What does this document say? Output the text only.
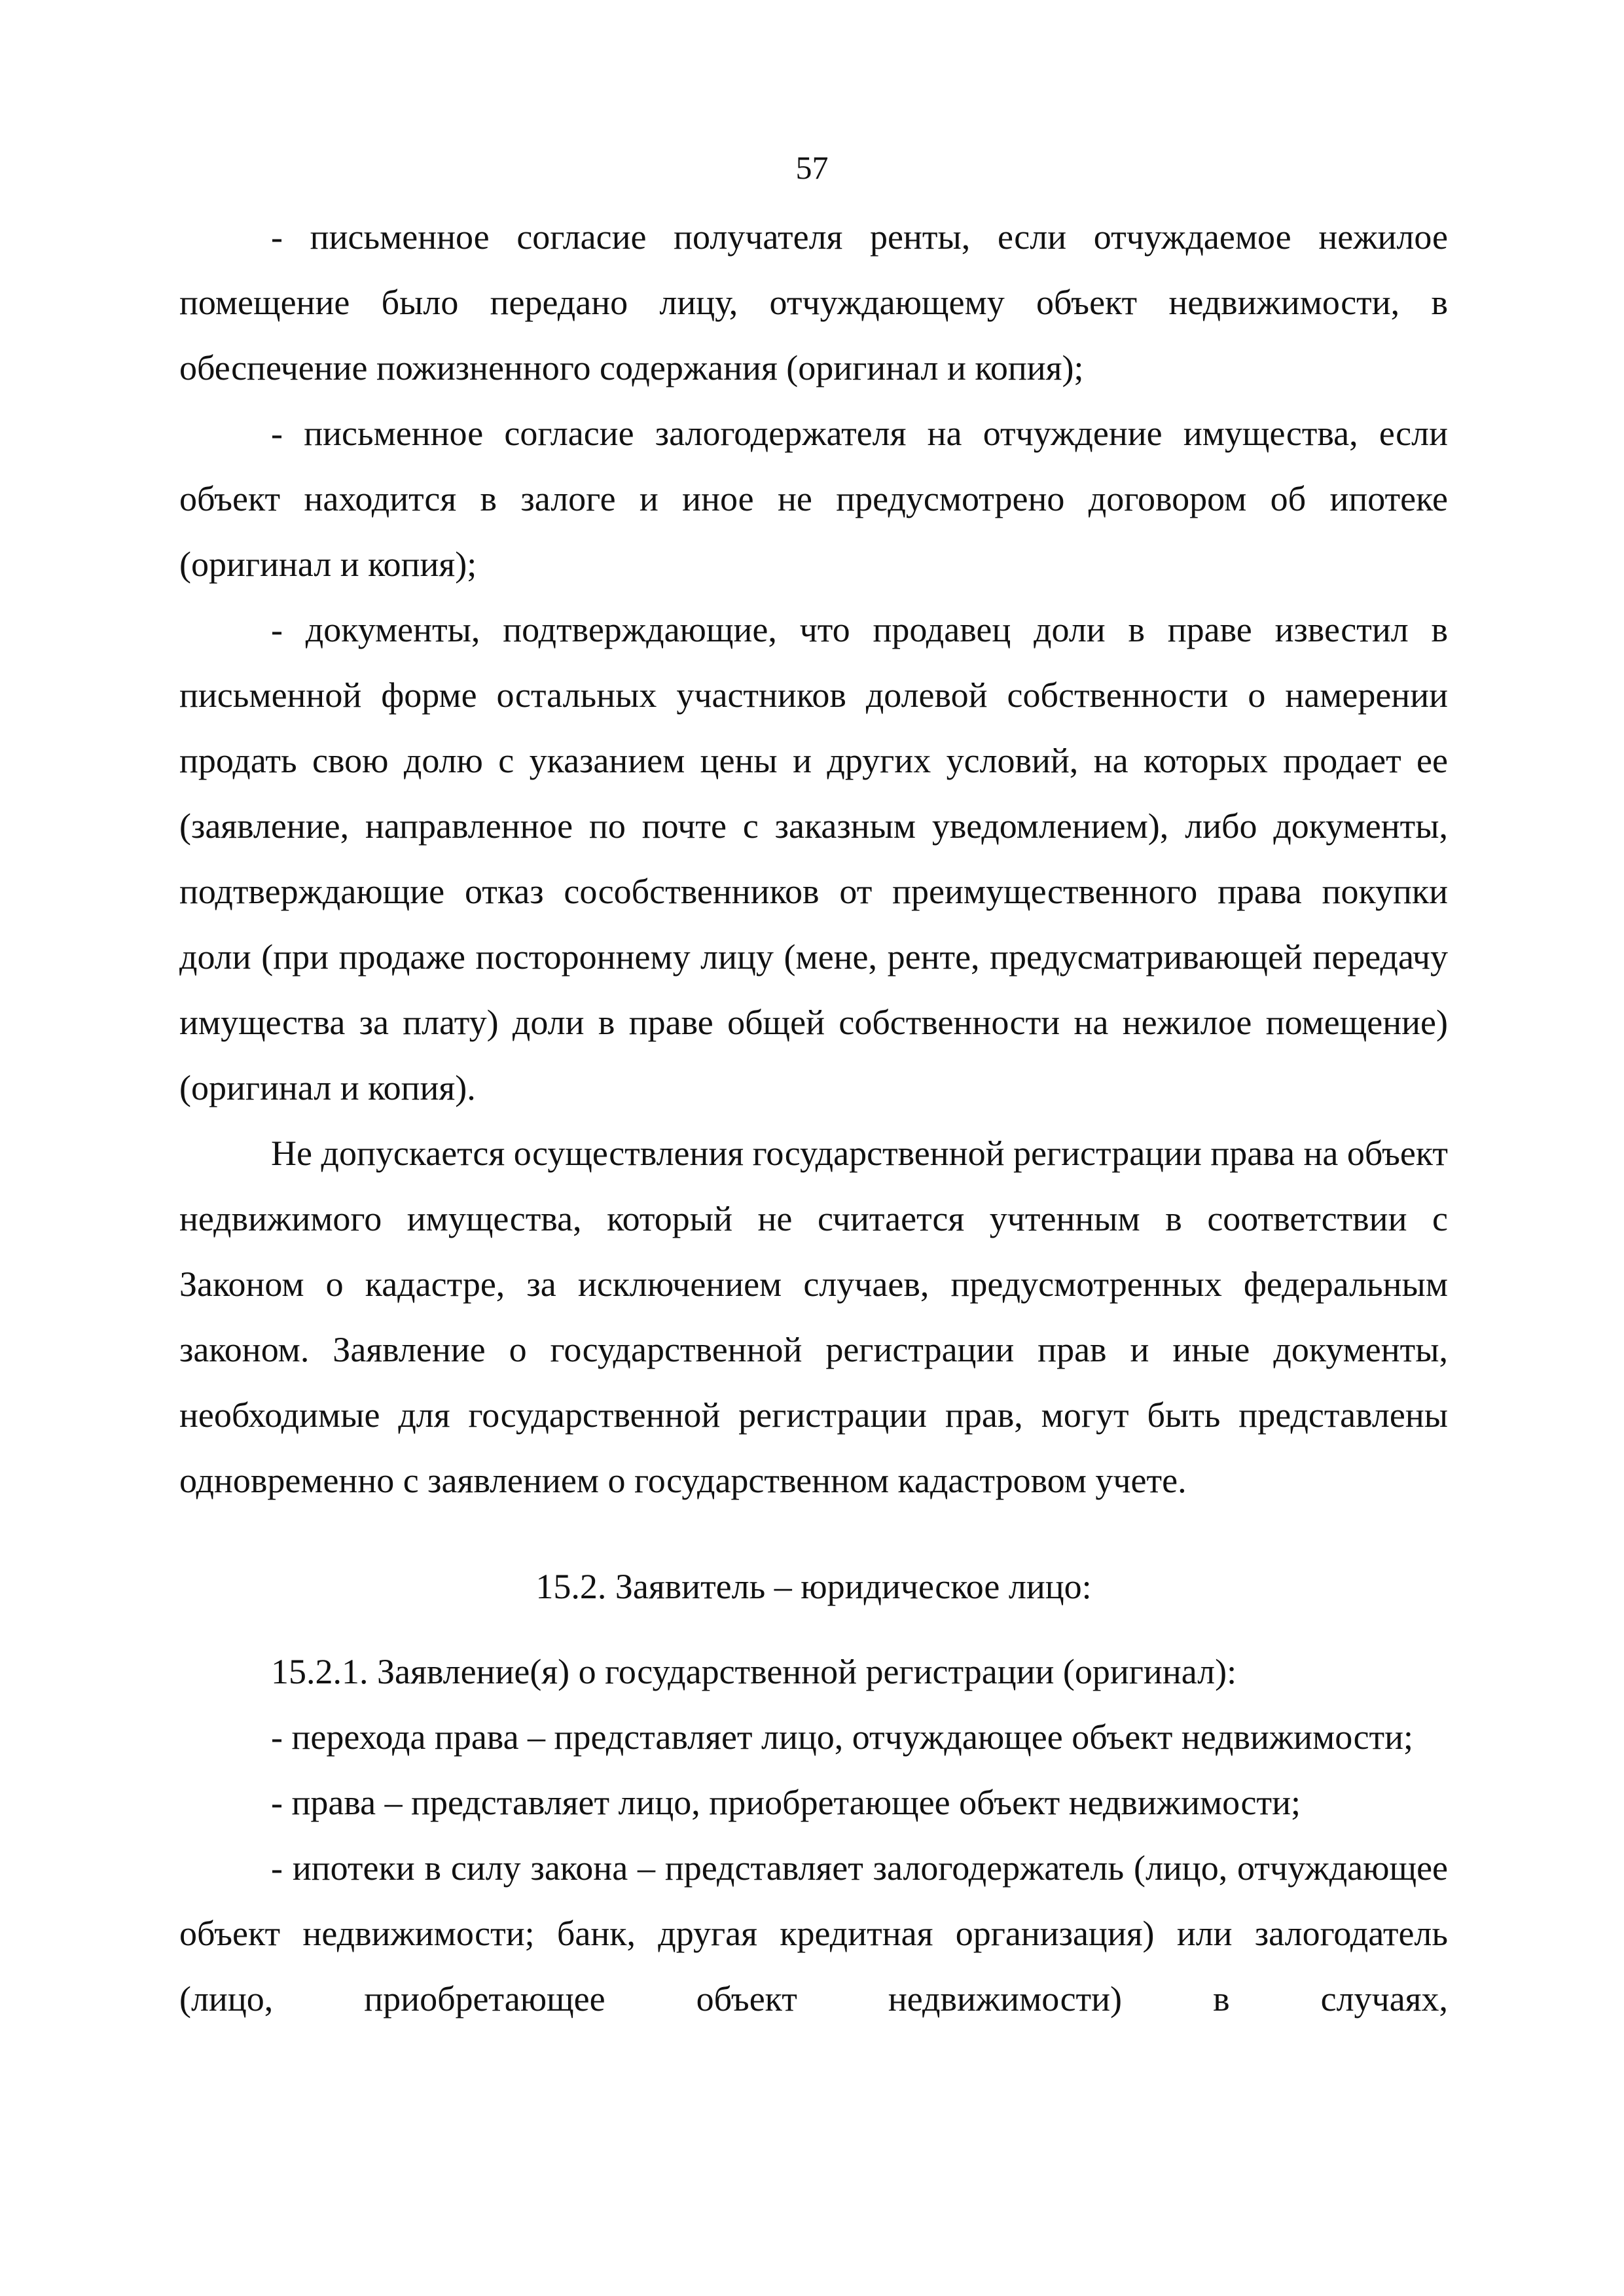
57

- письменное согласие получателя ренты, если отчуждаемое нежилое помещение было передано лицу, отчуждающему объект недвижимости, в обеспечение пожизненного содержания (оригинал и копия);

- письменное согласие залогодержателя на отчуждение имущества, если объект находится в залоге и иное не предусмотрено договором об ипотеке (оригинал и копия);

- документы, подтверждающие, что продавец доли в праве известил в письменной форме остальных участников долевой собственности о намерении продать свою долю с указанием цены и других условий, на которых продает ее (заявление, направленное по почте с заказным уведомлением), либо документы, подтверждающие отказ сособственников от преимущественного права покупки доли (при продаже постороннему лицу (мене, ренте, предусматривающей передачу имущества за плату) доли в праве общей собственности на нежилое помещение) (оригинал и копия).

Не допускается осуществления государственной регистрации права на объект недвижимого имущества, который не считается учтенным в соответствии с Законом о кадастре, за исключением случаев, предусмотренных федеральным законом. Заявление о государственной регистрации прав и иные документы, необходимые для государственной регистрации прав, могут быть представлены одновременно с заявлением о государственном кадастровом учете.

15.2. Заявитель – юридическое лицо:

15.2.1. Заявление(я) о государственной регистрации (оригинал):

- перехода права – представляет лицо, отчуждающее объект недвижимости;

- права – представляет лицо, приобретающее объект недвижимости;

- ипотеки в силу закона – представляет залогодержатель (лицо, отчуждающее объект недвижимости; банк, другая кредитная организация) или залогодатель (лицо, приобретающее объект недвижимости) в случаях,
